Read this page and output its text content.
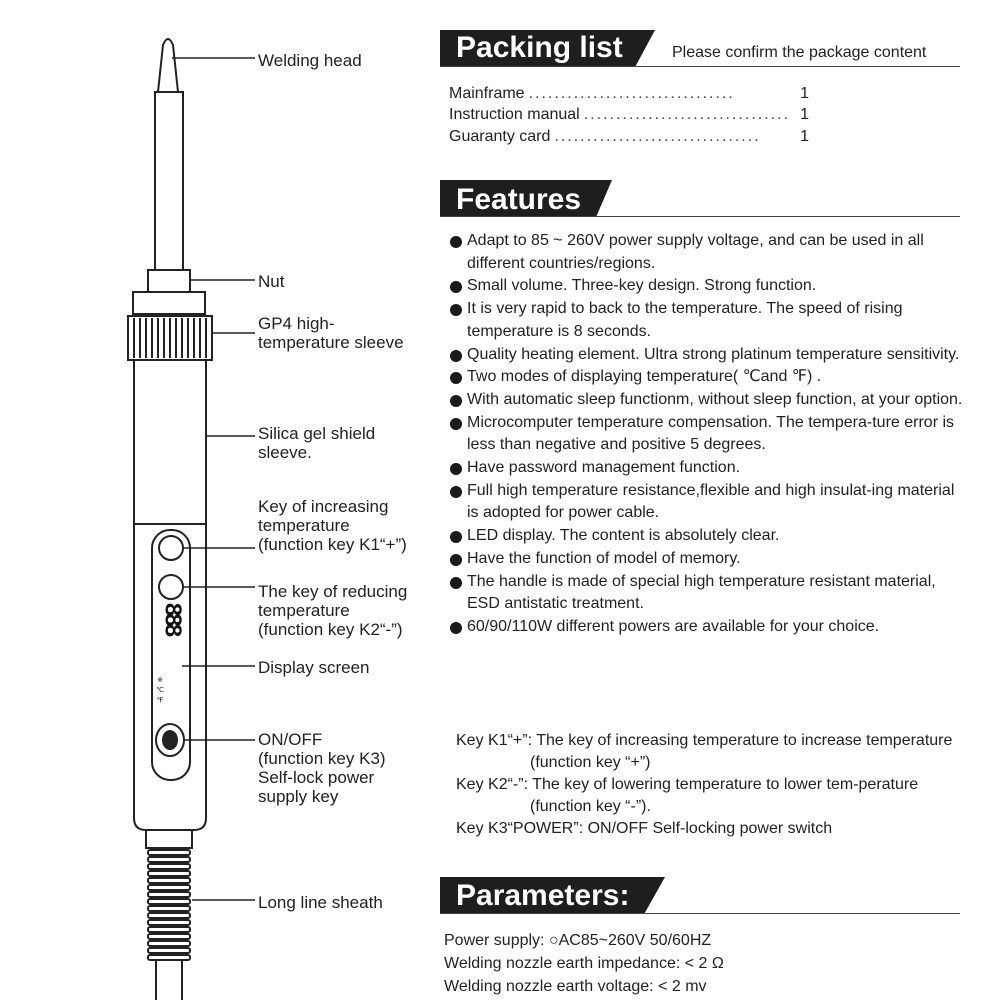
888
※ ℃ ℉
Welding head
Nut
GP4 high-
temperature sleeve
Silica gel shield
sleeve.
Key of increasing
temperature
(function key K1“+”)
The key of reducing
temperature
(function key K2“-”)
Display screen
ON/OFF
(function key K3)
Self-lock power
supply key
Long line sheath
Packing list	Please confirm the package content
Mainframe ................................	1
Instruction manual ................................ 1
Guaranty card ................................	1
Features
Adapt to 85 ~ 260V power supply voltage, and can be used in all different countries/regions.
Small volume. Three-key design. Strong function.
It is very rapid to back to the temperature. The speed of rising temperature is 8 seconds.
Quality heating element. Ultra strong platinum temperature sensitivity.
Two modes of displaying temperature( ℃and ℉) .
With automatic sleep functionm, without sleep function, at your option.
Microcomputer temperature compensation. The tempera-ture error is less than negative and positive 5 degrees.
Have password management function.
Full high temperature resistance,flexible and high insulat-ing material is adopted for power cable.
LED display. The content is absolutely clear.
Have the function of model of memory.
The handle is made of special high temperature resistant material, ESD antistatic treatment.
60/90/110W different powers are available for your choice.
Key K1“+”: The key of increasing temperature to increase temperature (function key “+”)
Key K2“-”: The key of lowering temperature to lower tem-perature (function key “-”).
Key K3“POWER”: ON/OFF Self-locking power switch
Parameters:
Power supply: ○AC85~260V 50/60HZ
Welding nozzle earth impedance: < 2 Ω
Welding nozzle earth voltage: < 2 mv
